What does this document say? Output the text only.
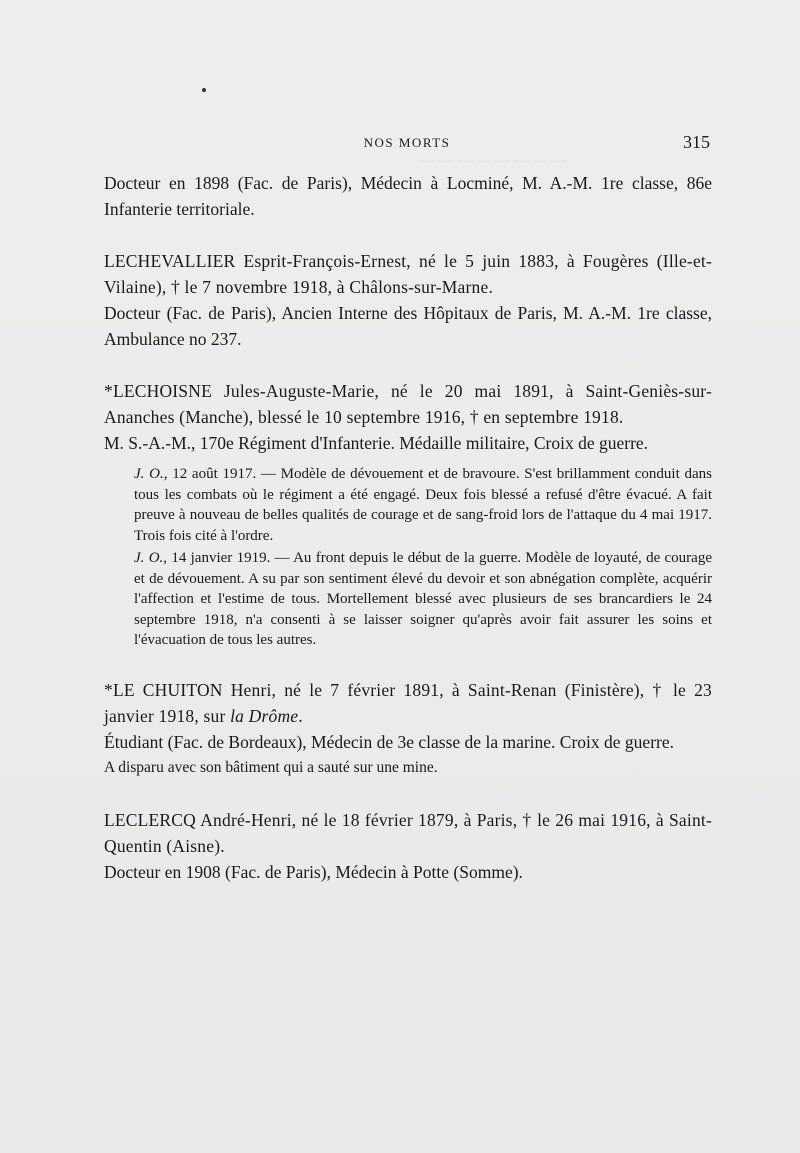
— — — — — — — —
NOS MORTS	315

Docteur en 1898 (Fac. de Paris), Médecin à Locminé, M. A.-M. 1re classe, 86e Infanterie territoriale.

LECHEVALLIER Esprit-François-Ernest, né le 5 juin 1883, à Fougères (Ille-et-Vilaine), † le 7 novembre 1918, à Châlons-sur-Marne.

Docteur (Fac. de Paris), Ancien Interne des Hôpitaux de Paris, M. A.-M. 1re classe, Ambulance no 237.

*LECHOISNE Jules-Auguste-Marie, né le 20 mai 1891, à Saint-Geniès-sur-Ananches (Manche), blessé le 10 septembre 1916, † en septembre 1918.

M. S.-A.-M., 170e Régiment d'Infanterie. Médaille militaire, Croix de guerre.

J. O., 12 août 1917. — Modèle de dévouement et de bravoure. S'est brillamment conduit dans tous les combats où le régiment a été engagé. Deux fois blessé a refusé d'être évacué. A fait preuve à nouveau de belles qualités de courage et de sang-froid lors de l'attaque du 4 mai 1917. Trois fois cité à l'ordre.

J. O., 14 janvier 1919. — Au front depuis le début de la guerre. Modèle de loyauté, de courage et de dévouement. A su par son sentiment élevé du devoir et son abnégation complète, acquérir l'affection et l'estime de tous. Mortellement blessé avec plusieurs de ses brancardiers le 24 septembre 1918, n'a consenti à se laisser soigner qu'après avoir fait assurer les soins et l'évacuation de tous les autres.

*LE CHUITON Henri, né le 7 février 1891, à Saint-Renan (Finistère), † le 23 janvier 1918, sur la Drôme.

Étudiant (Fac. de Bordeaux), Médecin de 3e classe de la marine. Croix de guerre.

A disparu avec son bâtiment qui a sauté sur une mine.

LECLERCQ André-Henri, né le 18 février 1879, à Paris, † le 26 mai 1916, à Saint-Quentin (Aisne).

Docteur en 1908 (Fac. de Paris), Médecin à Potte (Somme).
